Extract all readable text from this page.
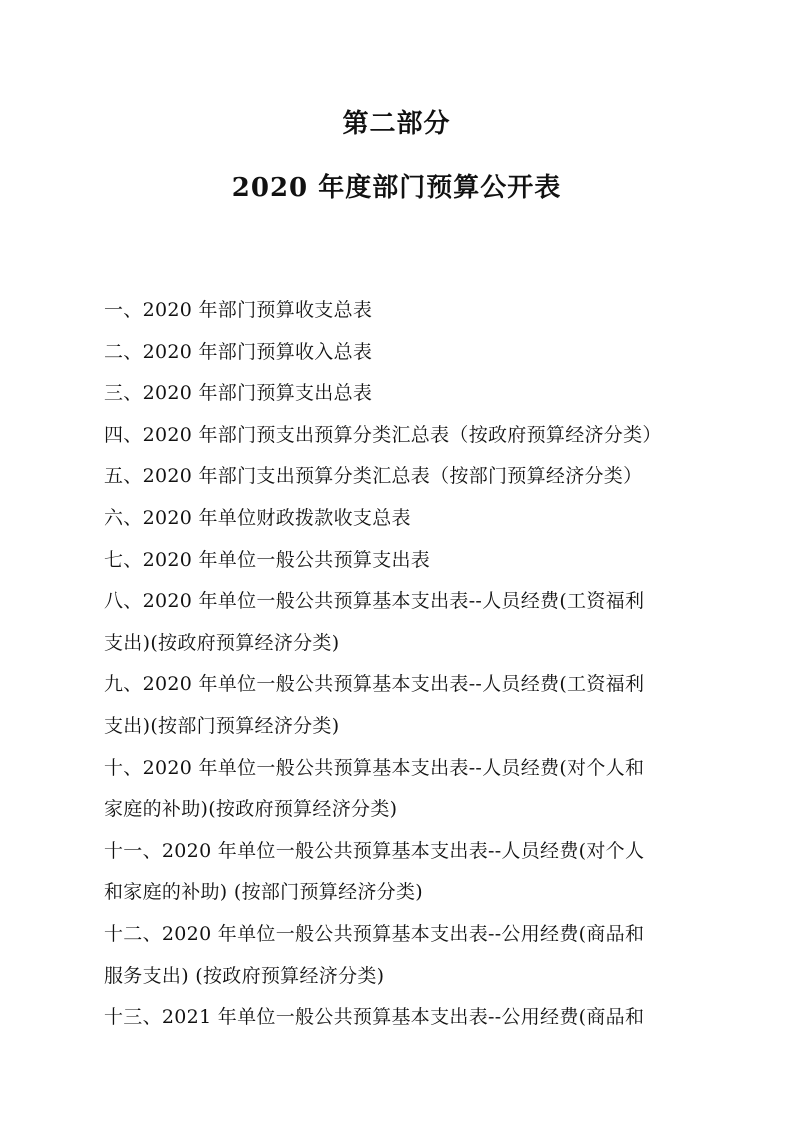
第二部分
2020 年度部门预算公开表
一、2020 年部门预算收支总表
二、2020 年部门预算收入总表
三、2020 年部门预算支出总表
四、2020 年部门预支出预算分类汇总表（按政府预算经济分类）
五、2020 年部门支出预算分类汇总表（按部门预算经济分类）
六、2020 年单位财政拨款收支总表
七、2020 年单位一般公共预算支出表
八、2020 年单位一般公共预算基本支出表--人员经费(工资福利
支出)(按政府预算经济分类)
九、2020 年单位一般公共预算基本支出表--人员经费(工资福利
支出)(按部门预算经济分类)
十、2020 年单位一般公共预算基本支出表--人员经费(对个人和
家庭的补助)(按政府预算经济分类)
十一、2020 年单位一般公共预算基本支出表--人员经费(对个人
和家庭的补助) (按部门预算经济分类)
十二、2020 年单位一般公共预算基本支出表--公用经费(商品和
服务支出) (按政府预算经济分类)
十三、2021 年单位一般公共预算基本支出表--公用经费(商品和
